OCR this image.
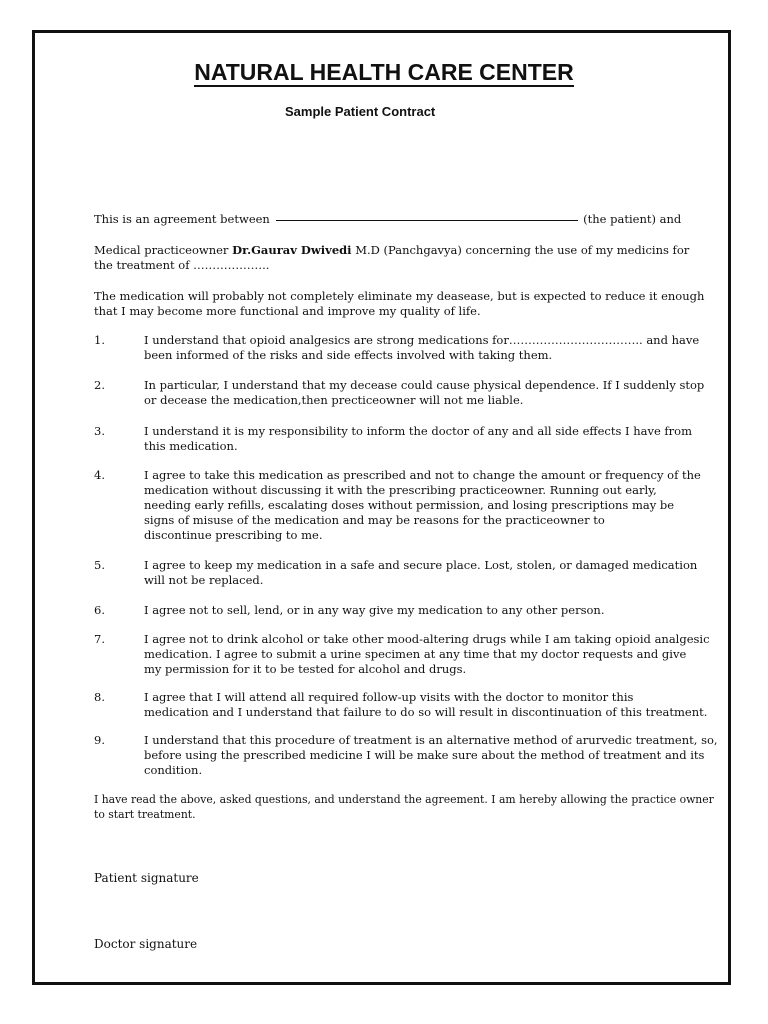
NATURAL HEALTH CARE CENTER
Sample Patient Contract

This is an agreement between	(the patient) and

Medical practiceowner Dr.Gaurav Dwivedi M.D (Panchgavya) concerning the use of my medicins for
the treatment of ………………..

The medication will probably not completely eliminate my deasease, but is expected to reduce it enough
that I may become more functional and improve my quality of life.

1.	I understand that opioid analgesics are strong medications for…………………………….. and have
been informed of the risks and side effects involved with taking them.
2.	In particular, I understand that my decease could cause physical dependence. If I suddenly stop
or decease the medication,then precticeowner will not me liable.
3.	I understand it is my responsibility to inform the doctor of any and all side effects I have from
this medication.
4.	I agree to take this medication as prescribed and not to change the amount or frequency of the
medication without discussing it with the prescribing practiceowner. Running out early,
needing early refills, escalating doses without permission, and losing prescriptions may be
signs of misuse of the medication and may be reasons for the practiceowner to
discontinue prescribing to me.
5.	I agree to keep my medication in a safe and secure place. Lost, stolen, or damaged medication
will not be replaced.
6.	I agree not to sell, lend, or in any way give my medication to any other person.
7.	I agree not to drink alcohol or take other mood-altering drugs while I am taking opioid analgesic
medication. I agree to submit a urine specimen at any time that my doctor requests and give
my permission for it to be tested for alcohol and drugs.
8.	I agree that I will attend all required follow-up visits with the doctor to monitor this
medication and I understand that failure to do so will result in discontinuation of this treatment.
9.	I understand that this procedure of treatment is an alternative method of arurvedic treatment, so,
before using the prescribed medicine I will be make sure about the method of treatment and its
condition.

I have read the above, asked questions, and understand the agreement. I am hereby allowing the practice owner
to start treatment.

Patient signature

Doctor signature
